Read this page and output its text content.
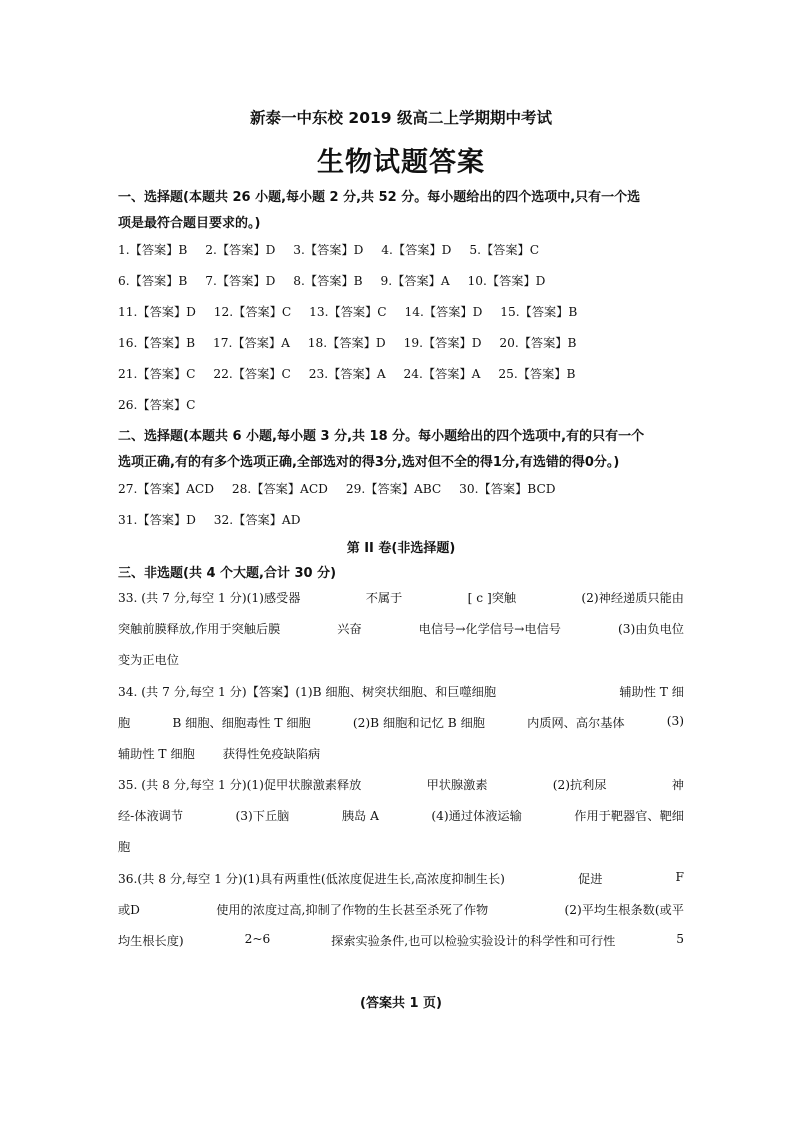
新泰一中东校 2019 级高二上学期期中考试
生物试题答案
一、选择题(本题共 26 小题,每小题 2 分,共 52 分。每小题给出的四个选项中,只有一个选
项是最符合题目要求的。)
1.【答案】B 2.【答案】D 3.【答案】D 4.【答案】D 5.【答案】C
6.【答案】B 7.【答案】D 8.【答案】B 9.【答案】A 10.【答案】D
11.【答案】D 12.【答案】C 13.【答案】C 14.【答案】D 15.【答案】B
16.【答案】B 17.【答案】A 18.【答案】D 19.【答案】D 20.【答案】B
21.【答案】C 22.【答案】C 23.【答案】A 24.【答案】A 25.【答案】B
26.【答案】C
二、选择题(本题共 6 小题,每小题 3 分,共 18 分。每小题给出的四个选项中,有的只有一个
选项正确,有的有多个选项正确,全部选对的得3分,选对但不全的得1分,有选错的得0分。)
27.【答案】ACD 28.【答案】ACD 29.【答案】ABC 30.【答案】BCD
31.【答案】D 32.【答案】AD
第 II 卷(非选择题)
三、非选题(共 4 个大题,合计 30 分)
33. (共 7 分,每空 1 分)(1)感受器	不属于	[ c ]突触	(2)神经递质只能由
突触前膜释放,作用于突触后膜	兴奋	电信号→化学信号→电信号	(3)由负电位
变为正电位
34. (共 7 分,每空 1 分)【答案】(1)B 细胞、树突状细胞、和巨噬细胞	辅助性 T 细
胞	B 细胞、细胞毒性 T 细胞	(2)B 细胞和记忆 B 细胞	内质网、高尔基体	(3)
辅助性 T 细胞 获得性免疫缺陷病
35. (共 8 分,每空 1 分)(1)促甲状腺激素释放	甲状腺激素	(2)抗利尿	神
经-体液调节	(3)下丘脑	胰岛 A	(4)通过体液运输	作用于靶器官、靶细
胞
36.(共 8 分,每空 1 分)(1)具有两重性(低浓度促进生长,高浓度抑制生长)	促进	F
或D	使用的浓度过高,抑制了作物的生长甚至杀死了作物	(2)平均生根条数(或平
均生根长度)	2~6	探索实验条件,也可以检验实验设计的科学性和可行性	5
(答案共 1 页)
